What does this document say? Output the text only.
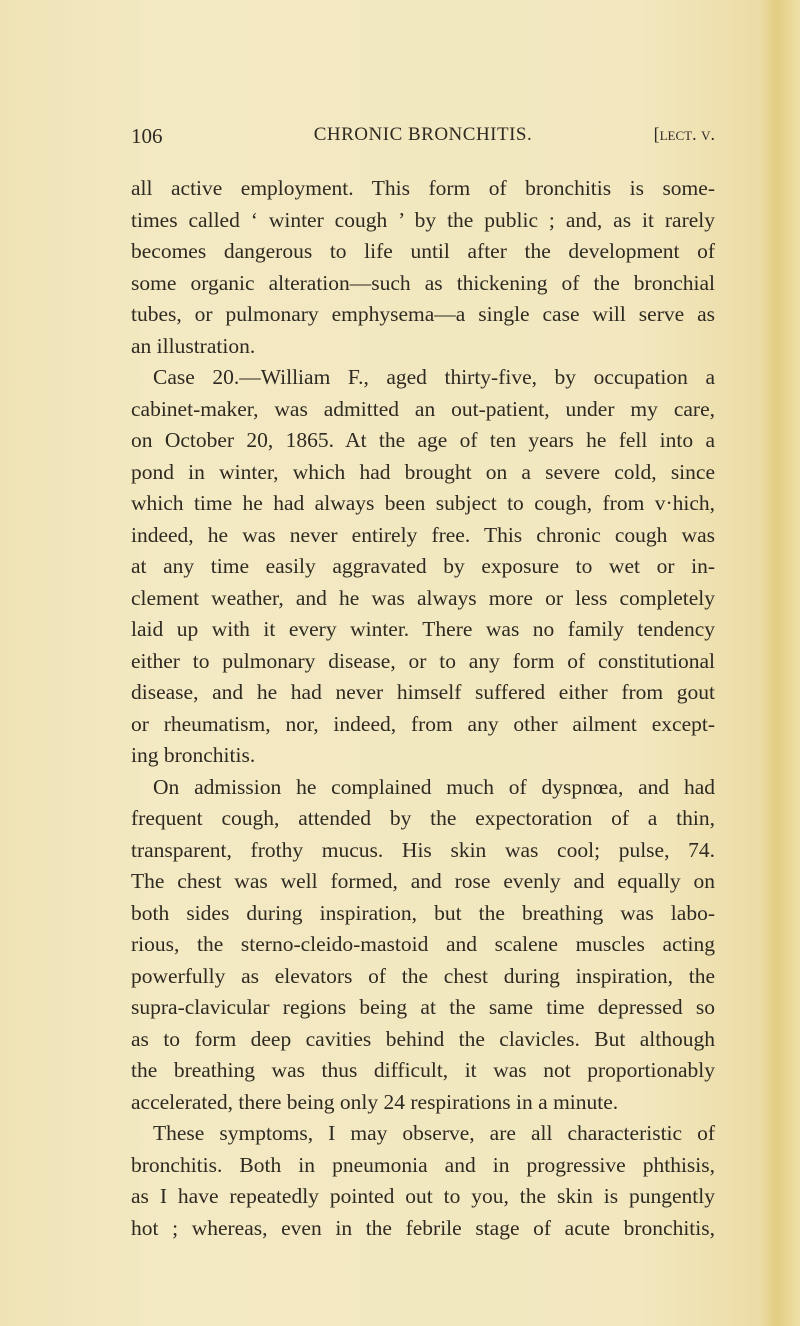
106	CHRONIC BRONCHITIS.	[lect. v.
all active employment. This form of bronchitis is some-
times called ‘ winter cough ’ by the public ; and, as it rarely
becomes dangerous to life until after the development of
some organic alteration—such as thickening of the bronchial
tubes, or pulmonary emphysema—a single case will serve as
an illustration.
Case 20.—William F., aged thirty-five, by occupation a
cabinet-maker, was admitted an out-patient, under my care,
on October 20, 1865. At the age of ten years he fell into a
pond in winter, which had brought on a severe cold, since
which time he had always been subject to cough, from v·hich,
indeed, he was never entirely free. This chronic cough was
at any time easily aggravated by exposure to wet or in-
clement weather, and he was always more or less completely
laid up with it every winter. There was no family tendency
either to pulmonary disease, or to any form of constitutional
disease, and he had never himself suffered either from gout
or rheumatism, nor, indeed, from any other ailment except-
ing bronchitis.
On admission he complained much of dyspnœa, and had
frequent cough, attended by the expectoration of a thin,
transparent, frothy mucus. His skin was cool; pulse, 74.
The chest was well formed, and rose evenly and equally on
both sides during inspiration, but the breathing was labo-
rious, the sterno-cleido-mastoid and scalene muscles acting
powerfully as elevators of the chest during inspiration, the
supra-clavicular regions being at the same time depressed so
as to form deep cavities behind the clavicles. But although
the breathing was thus difficult, it was not proportionably
accelerated, there being only 24 respirations in a minute.
These symptoms, I may observe, are all characteristic of
bronchitis. Both in pneumonia and in progressive phthisis,
as I have repeatedly pointed out to you, the skin is pungently
hot ; whereas, even in the febrile stage of acute bronchitis,
